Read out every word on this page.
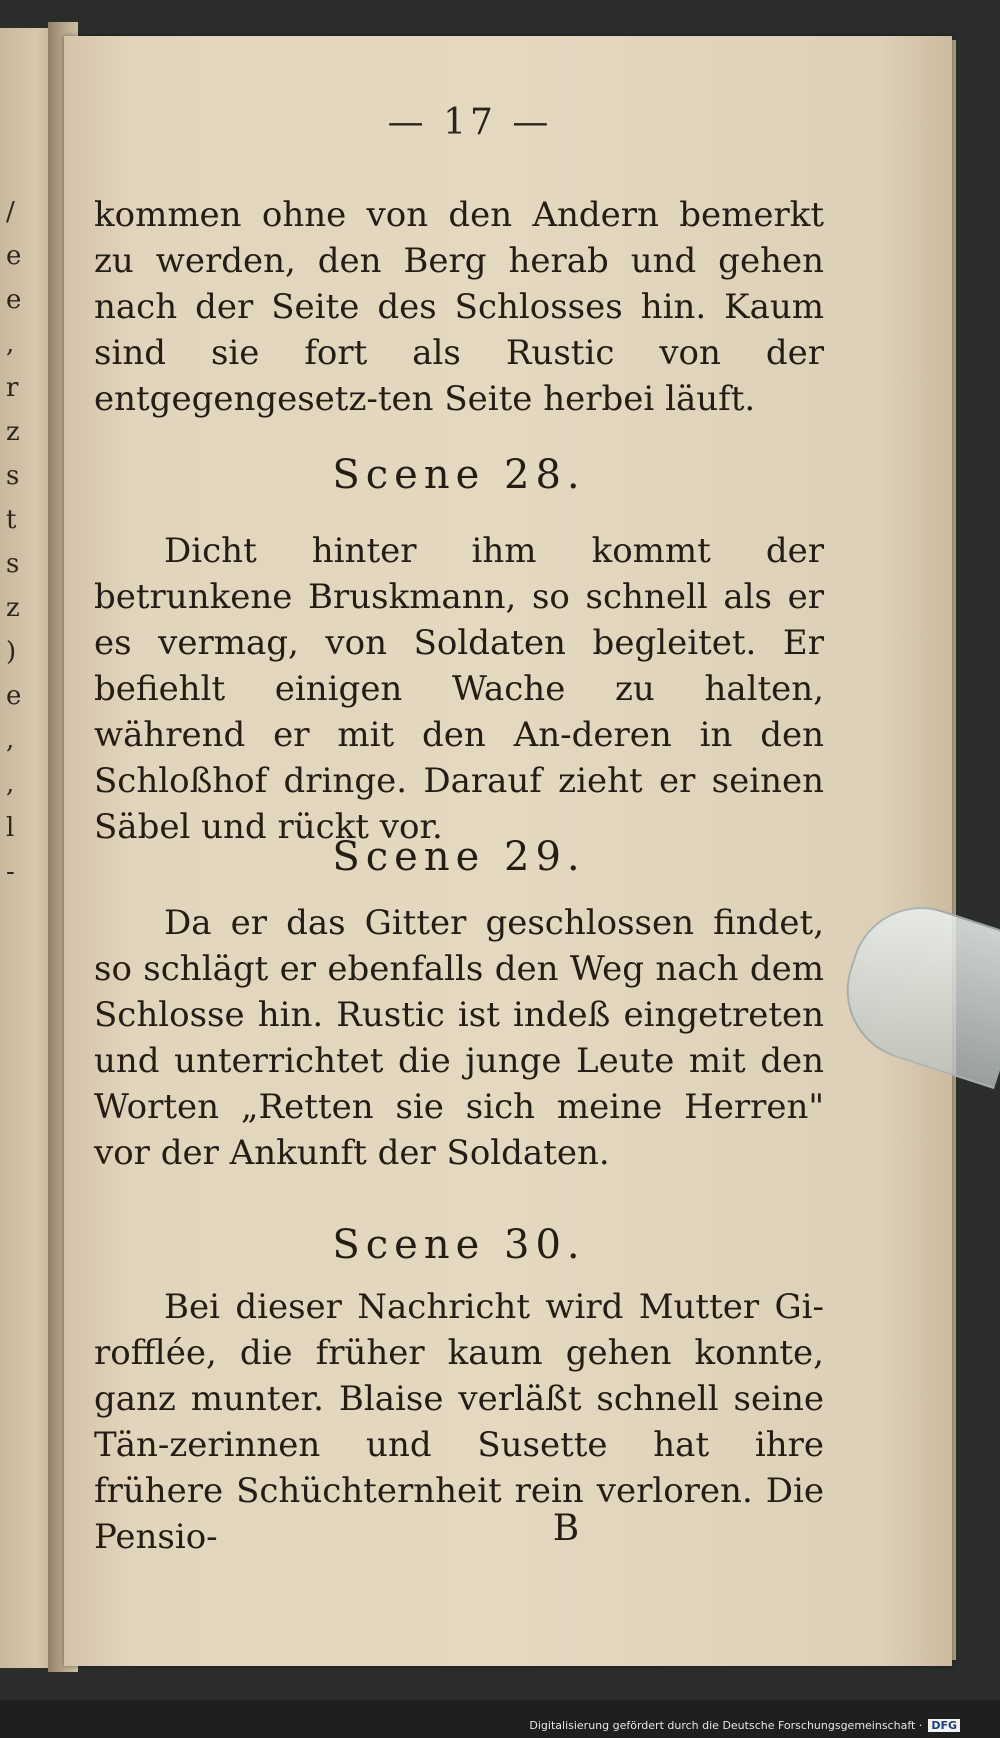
/
e
e
,
r
z
s
t
s
z
)
e
,
,
l
-
— 17 —
kommen ohne von den Andern bemerkt zu werden, den Berg herab und gehen nach der Seite des Schlosses hin. Kaum sind sie fort als Rustic von der entgegengesetz-ten Seite herbei läuft.
Scene 28.
Dicht hinter ihm kommt der betrunkene Bruskmann, so schnell als er es vermag, von Soldaten begleitet. Er befiehlt einigen Wache zu halten, während er mit den An-deren in den Schloßhof dringe. Darauf zieht er seinen Säbel und rückt vor.
Scene 29.
Da er das Gitter geschlossen findet, so schlägt er ebenfalls den Weg nach dem Schlosse hin. Rustic ist indeß eingetreten und unterrichtet die junge Leute mit den Worten „Retten sie sich meine Herren" vor der Ankunft der Soldaten.
Scene 30.
Bei dieser Nachricht wird Mutter Gi-rofflée, die früher kaum gehen konnte, ganz munter. Blaise verläßt schnell seine Tän-zerinnen und Susette hat ihre frühere Schüchternheit rein verloren. Die Pensio-	B
Digitalisierung gefördert durch die Deutsche Forschungsgemeinschaft · DFG
